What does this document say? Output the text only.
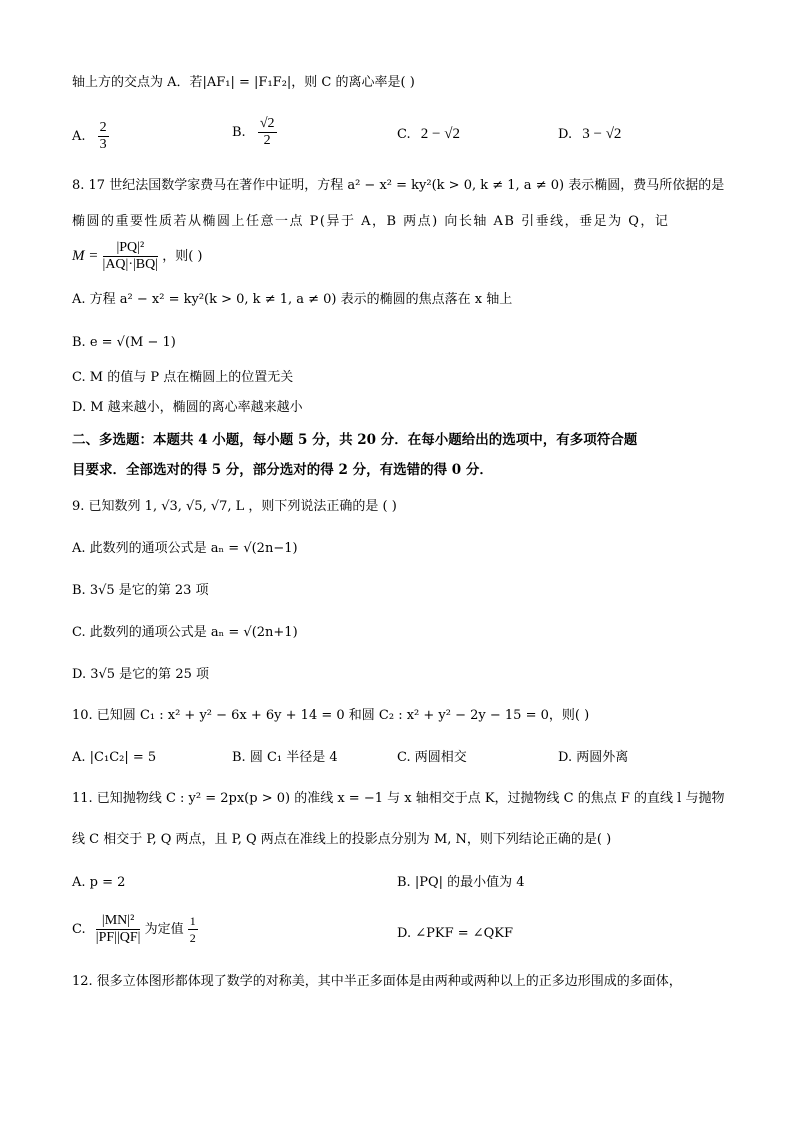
轴上方的交点为 A．若|AF₁| = |F₁F₂|，则 C 的离心率是( )
A. $\frac{2}{3}$	B. $\frac{√2}{2}$	C. 2 − √2	D. 3 − √2
8. 17 世纪法国数学家费马在著作中证明，方程 a² − x² = ky²(k > 0, k ≠ 1, a ≠ 0) 表示椭圆，费马所依据的是
椭圆的重要性质若从椭圆上任意一点 P(异于 A，B 两点) 向长轴 AB 引垂线，垂足为 Q，记
$M = \frac{\text{|PQ|²}}{|AQ|\cdot|BQ|}$ ，则( )
A. 方程 a² − x² = ky²(k > 0, k ≠ 1, a ≠ 0) 表示的椭圆的焦点落在 x 轴上
B. e = √(M − 1)
C. M 的值与 P 点在椭圆上的位置无关
D. M 越来越小，椭圆的离心率越来越小
二、多选题：本题共 4 小题，每小题 5 分，共 20 分．在每小题给出的选项中，有多项符合题
目要求．全部选对的得 5 分，部分选对的得 2 分，有选错的得 0 分．
9. 已知数列 1, √3, √5, √7, L ，则下列说法正确的是 ( )
A. 此数列的通项公式是 aₙ = √(2n−1)
B. 3√5 是它的第 23 项
C. 此数列的通项公式是 aₙ = √(2n+1)
D. 3√5 是它的第 25 项
10. 已知圆 C₁ : x² + y² − 6x + 6y + 14 = 0 和圆 C₂ : x² + y² − 2y − 15 = 0，则( )
A. |C₁C₂| = 5	B. 圆 C₁ 半径是 4	C. 两圆相交	D. 两圆外离
11. 已知抛物线 C : y² = 2px(p > 0) 的准线 x = −1 与 x 轴相交于点 K，过抛物线 C 的焦点 F 的直线 l 与抛物
线 C 相交于 P, Q 两点，且 P, Q 两点在准线上的投影点分别为 M, N，则下列结论正确的是( )
A. p = 2	B. |PQ| 的最小值为 4
C. $\frac{\text{|MN|²}}{|PF||QF|}$ 为定值 $\frac{1}{2}$	D. ∠PKF = ∠QKF
12. 很多立体图形都体现了数学的对称美，其中半正多面体是由两种或两种以上的正多边形围成的多面体，
